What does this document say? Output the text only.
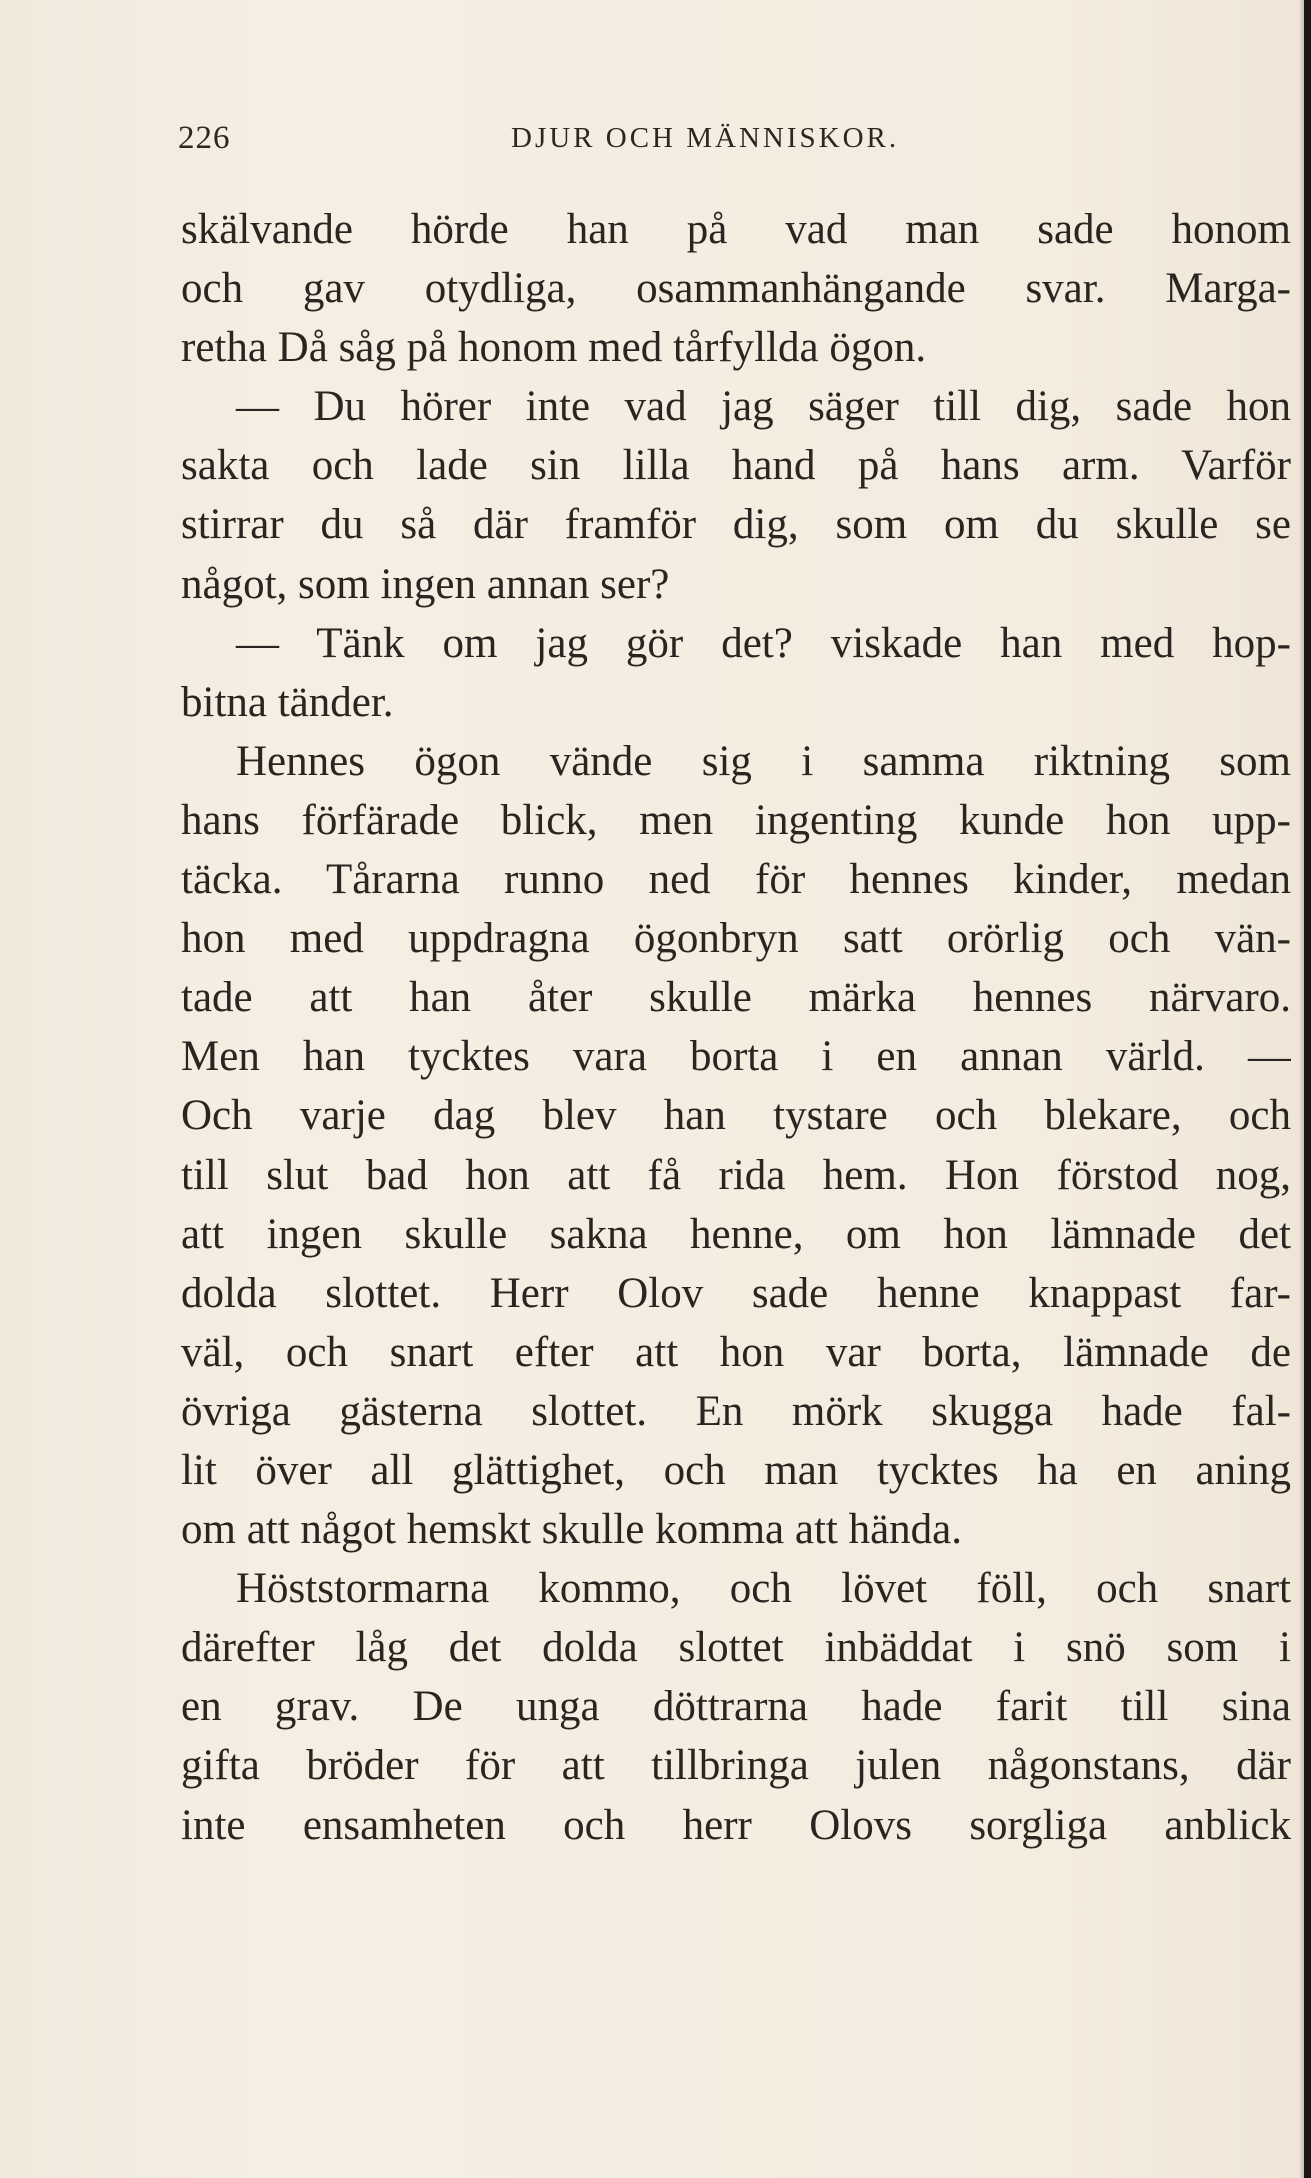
226	DJUR OCH MÄNNISKOR.
skälvande hörde han på vad man sade honom
och gav otydliga, osammanhängande svar. Marga-
retha Då såg på honom med tårfyllda ögon.
— Du hörer inte vad jag säger till dig, sade hon
sakta och lade sin lilla hand på hans arm. Varför
stirrar du så där framför dig, som om du skulle se
något, som ingen annan ser?
— Tänk om jag gör det? viskade han med hop-
bitna tänder.
Hennes ögon vände sig i samma riktning som
hans förfärade blick, men ingenting kunde hon upp-
täcka. Tårarna runno ned för hennes kinder, medan
hon med uppdragna ögonbryn satt orörlig och vän-
tade att han åter skulle märka hennes närvaro.
Men han tycktes vara borta i en annan värld. —
Och varje dag blev han tystare och blekare, och
till slut bad hon att få rida hem. Hon förstod nog,
att ingen skulle sakna henne, om hon lämnade det
dolda slottet. Herr Olov sade henne knappast far-
väl, och snart efter att hon var borta, lämnade de
övriga gästerna slottet. En mörk skugga hade fal-
lit över all glättighet, och man tycktes ha en aning
om att något hemskt skulle komma att hända.
Höststormarna kommo, och lövet föll, och snart
därefter låg det dolda slottet inbäddat i snö som i
en grav. De unga döttrarna hade farit till sina
gifta bröder för att tillbringa julen någonstans, där
inte ensamheten och herr Olovs sorgliga anblick
